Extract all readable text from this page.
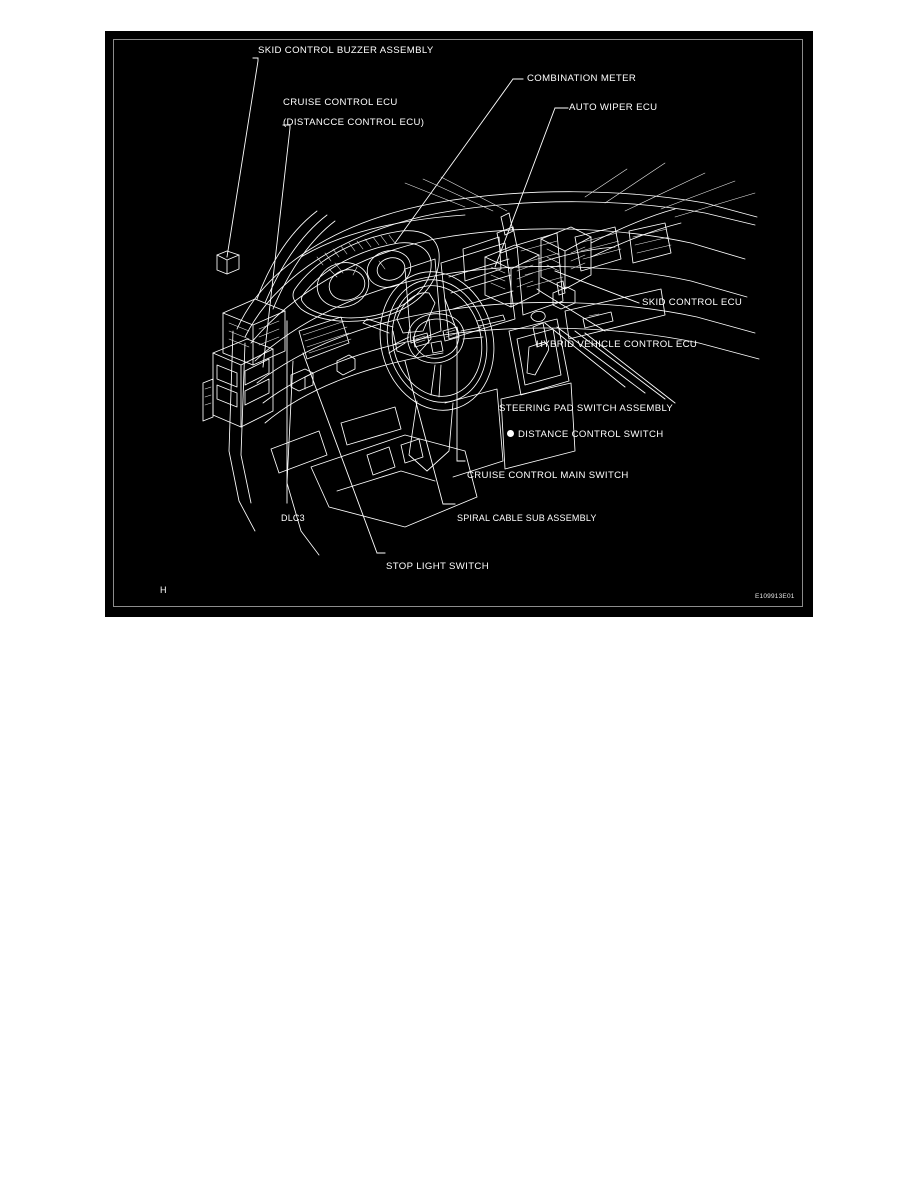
SKID CONTROL BUZZER ASSEMBLY
CRUISE CONTROL ECU
(DISTANCCE CONTROL ECU)
COMBINATION METER
AUTO WIPER ECU
SKID CONTROL ECU
HYBRID VEHICLE CONTROL ECU
STEERING PAD SWITCH ASSEMBLY
DISTANCE CONTROL SWITCH
CRUISE CONTROL MAIN SWITCH
SPIRAL CABLE SUB ASSEMBLY
DLC3
STOP LIGHT SWITCH
H
E109913E01
